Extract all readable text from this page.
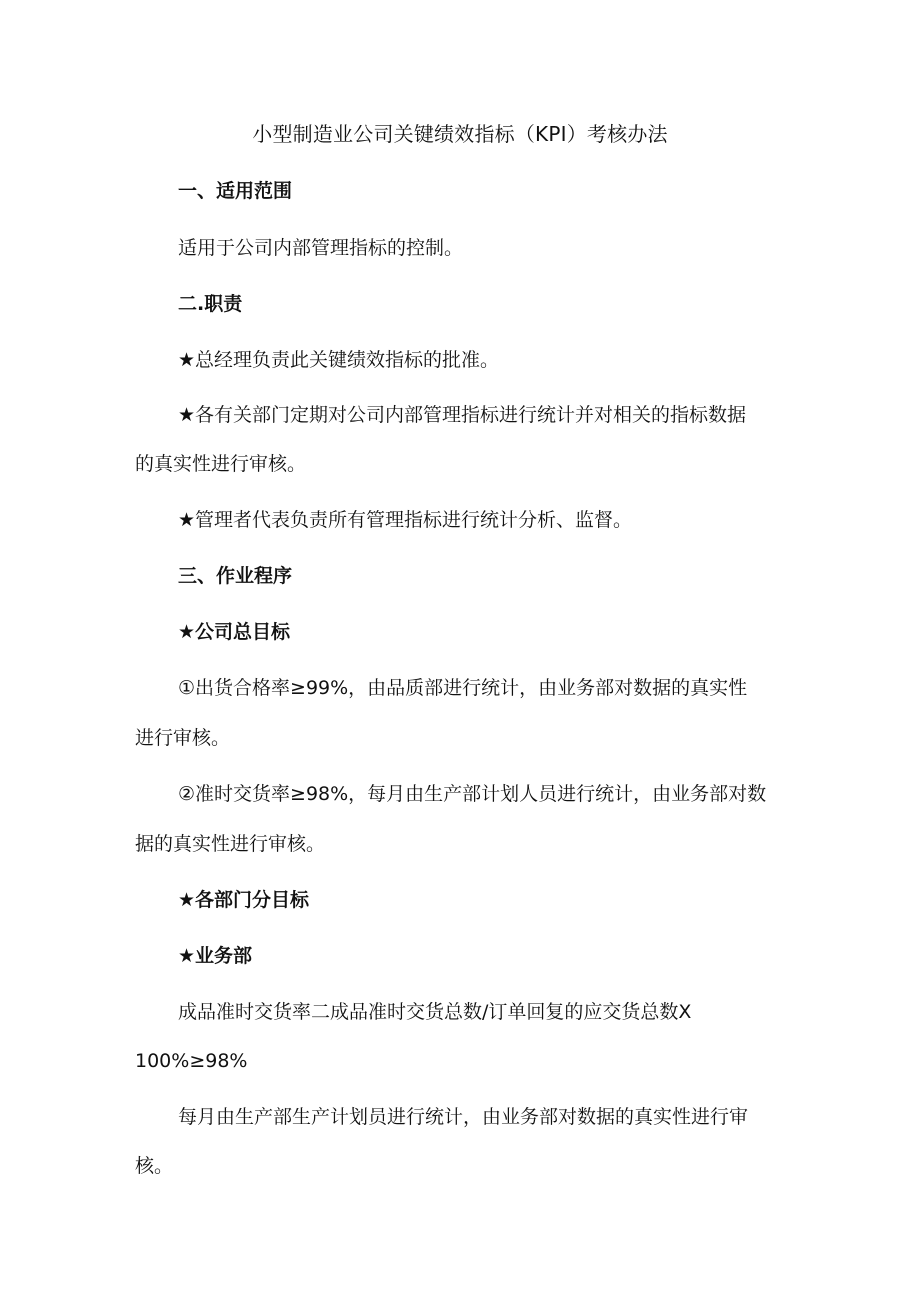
小型制造业公司关键绩效指标（KPI）考核办法
一、适用范围
适用于公司内部管理指标的控制。
二.职责
★总经理负责此关键绩效指标的批准。
★各有关部门定期对公司内部管理指标进行统计并对相关的指标数据
的真实性进行审核。
★管理者代表负责所有管理指标进行统计分析、监督。
三、作业程序
★公司总目标
①出货合格率≥99%，由品质部进行统计，由业务部对数据的真实性
进行审核。
②准时交货率≥98%，每月由生产部计划人员进行统计，由业务部对数
据的真实性进行审核。
★各部门分目标
★业务部
成品准时交货率二成品准时交货总数/订单回复的应交货总数X
100%≥98%
每月由生产部生产计划员进行统计，由业务部对数据的真实性进行审
核。
